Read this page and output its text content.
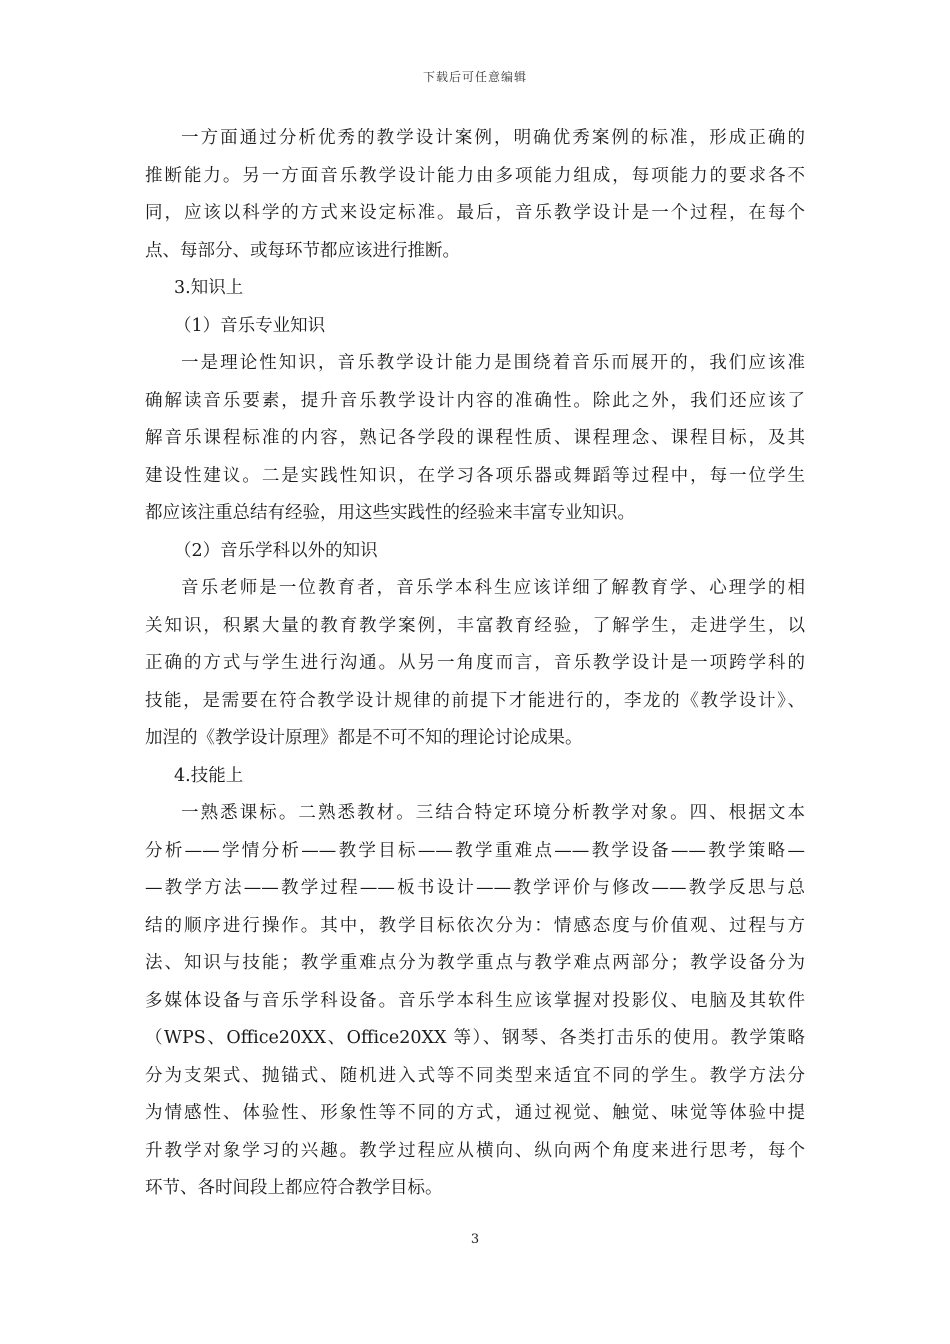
下载后可任意编辑
一方面通过分析优秀的教学设计案例，明确优秀案例的标准，形成正确的
推断能力。另一方面音乐教学设计能力由多项能力组成，每项能力的要求各不
同，应该以科学的方式来设定标准。最后，音乐教学设计是一个过程，在每个
点、每部分、或每环节都应该进行推断。
3.知识上
（1）音乐专业知识
一是理论性知识，音乐教学设计能力是围绕着音乐而展开的，我们应该准
确解读音乐要素，提升音乐教学设计内容的准确性。除此之外，我们还应该了
解音乐课程标准的内容，熟记各学段的课程性质、课程理念、课程目标，及其
建设性建议。二是实践性知识，在学习各项乐器或舞蹈等过程中，每一位学生
都应该注重总结有经验，用这些实践性的经验来丰富专业知识。
（2）音乐学科以外的知识
音乐老师是一位教育者，音乐学本科生应该详细了解教育学、心理学的相
关知识，积累大量的教育教学案例，丰富教育经验，了解学生，走进学生，以
正确的方式与学生进行沟通。从另一角度而言，音乐教学设计是一项跨学科的
技能，是需要在符合教学设计规律的前提下才能进行的，李龙的《教学设计》、
加涅的《教学设计原理》都是不可不知的理论讨论成果。
4.技能上
一熟悉课标。二熟悉教材。三结合特定环境分析教学对象。四、根据文本
分析——学情分析——教学目标——教学重难点——教学设备——教学策略—
—教学方法——教学过程——板书设计——教学评价与修改——教学反思与总
结的顺序进行操作。其中，教学目标依次分为：情感态度与价值观、过程与方
法、知识与技能；教学重难点分为教学重点与教学难点两部分；教学设备分为
多媒体设备与音乐学科设备。音乐学本科生应该掌握对投影仪、电脑及其软件
（WPS、Office20XX、Office20XX 等）、钢琴、各类打击乐的使用。教学策略
分为支架式、抛锚式、随机进入式等不同类型来适宜不同的学生。教学方法分
为情感性、体验性、形象性等不同的方式，通过视觉、触觉、味觉等体验中提
升教学对象学习的兴趣。教学过程应从横向、纵向两个角度来进行思考，每个
环节、各时间段上都应符合教学目标。
3
